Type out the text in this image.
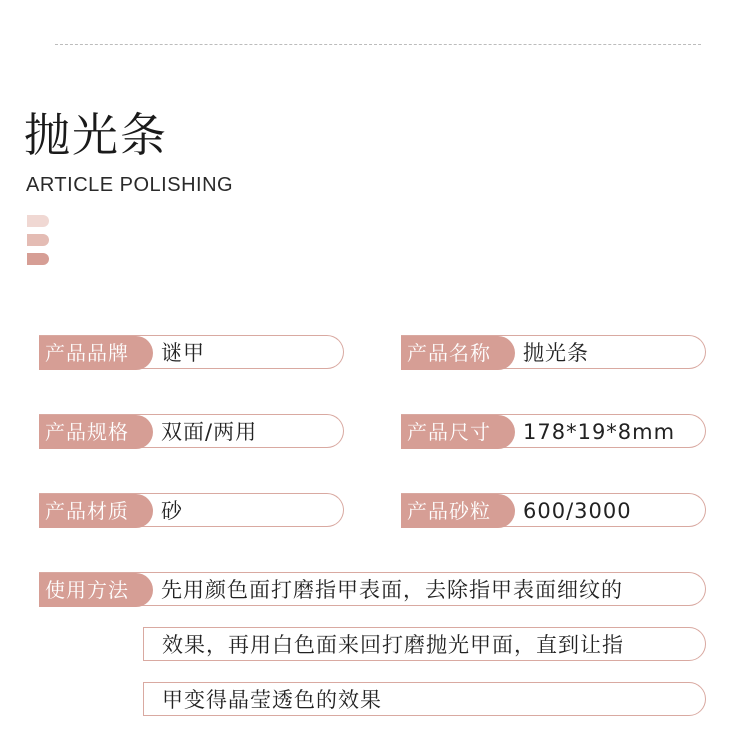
抛光条
ARTICLE POLISHING
产品品牌	谜甲	产品名称	抛光条
产品规格	双面/两用	产品尺寸	178*19*8mm
产品材质	砂	产品砂粒	600/3000
使用方法	先用颜色面打磨指甲表面，去除指甲表面细纹的
效果，再用白色面来回打磨抛光甲面，直到让指
甲变得晶莹透色的效果
